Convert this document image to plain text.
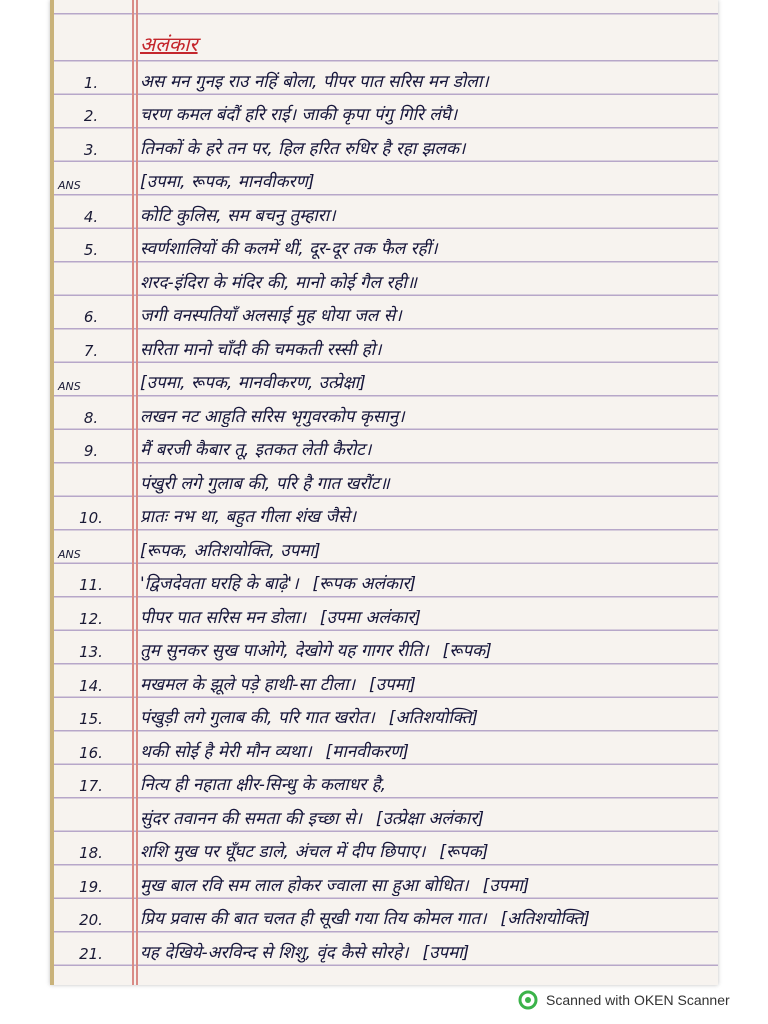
अलंकार
1.	अस मन गुनइ राउ नहिं बोला, पीपर पात सरिस मन डोला।
2.	चरण कमल बंदौं हरि राई। जाकी कृपा पंगु गिरि लंघै।
3.	तिनकों के हरे तन पर, हिल हरित रुधिर है रहा झलक।
ANS	[उपमा, रूपक, मानवीकरण]
4.	कोटि कुलिस, सम बचनु तुम्हारा।
5.	स्वर्णशालियों की कलमें थीं, दूर-दूर तक फैल रहीं।
शरद-इंदिरा के मंदिर की, मानो कोई गैल रही॥
6.	जगी वनस्पतियाँ अलसाई मुह धोया जल से।
7.	सरिता मानो चाँदी की चमकती रस्सी हो।
ANS	[उपमा, रूपक, मानवीकरण, उत्प्रेक्षा]
8.	लखन नट आहुति सरिस भृगुवरकोप कृसानु।
9.	मैं बरजी कैबार तू, इतकत लेती कैरोट।
पंखुरी लगे गुलाब की, परि है गात खरौंट॥
10.	प्रातः नभ था, बहुत गीला शंख जैसे।
ANS	[रूपक, अतिशयोक्ति, उपमा]
11.	'द्विजदेवता घरहि के बाढ़े'। [रूपक अलंकार]
12.	पीपर पात सरिस मन डोला। [उपमा अलंकार]
13.	तुम सुनकर सुख पाओगे, देखोगे यह गागर रीति। [रूपक]
14.	मखमल के झूले पड़े हाथी-सा टीला। [उपमा]
15.	पंखुड़ी लगे गुलाब की, परि गात खरोत। [अतिशयोक्ति]
16.	थकी सोई है मेरी मौन व्यथा। [मानवीकरण]
17.	नित्य ही नहाता क्षीर-सिन्धु के कलाधर है,
सुंदर तवानन की समता की इच्छा से। [उत्प्रेक्षा अलंकार]
18.	शशि मुख पर घूँघट डाले, अंचल में दीप छिपाए। [रूपक]
19.	मुख बाल रवि सम लाल होकर ज्वाला सा हुआ बोधित। [उपमा]
20.	प्रिय प्रवास की बात चलत ही सूखी गया तिय कोमल गात। [अतिशयोक्ति]
21.	यह देखिये-अरविन्द से शिशु, वृंद कैसे सोरहे। [उपमा]
Scanned with OKEN Scanner
